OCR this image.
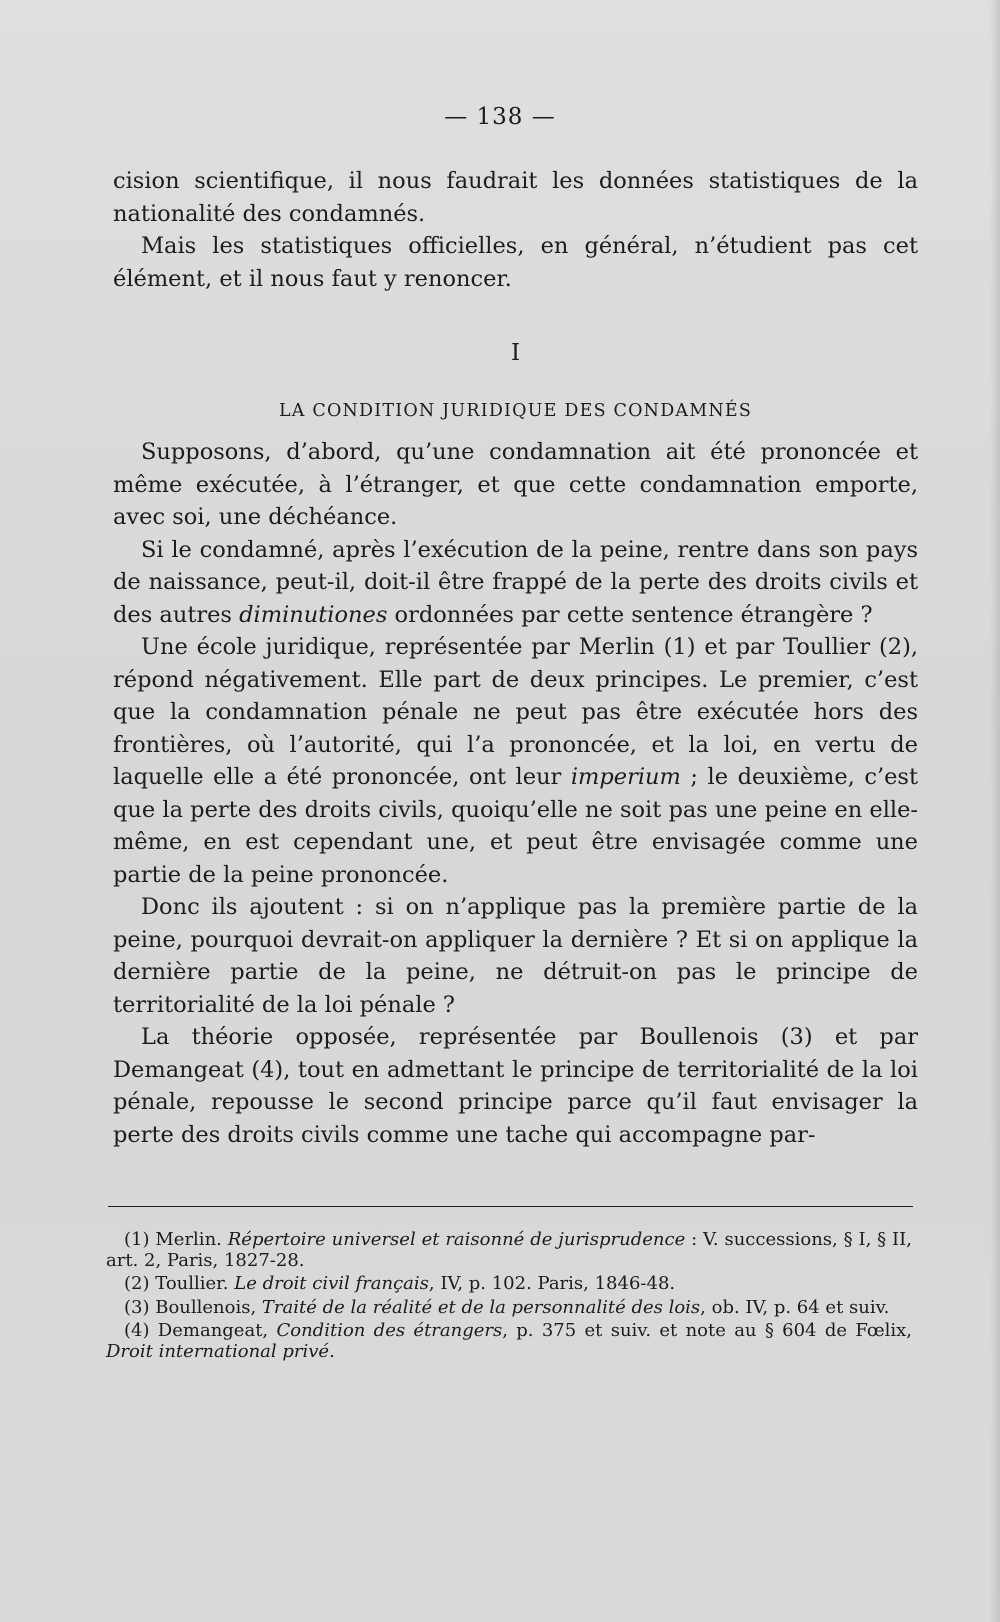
— 138 —

cision scientifique, il nous faudrait les données statistiques de la nationalité des condamnés.

Mais les statistiques officielles, en général, n’étudient pas cet élément, et il nous faut y renoncer.

I
LA CONDITION JURIDIQUE DES CONDAMNÉS

Supposons, d’abord, qu’une condamnation ait été prononcée et même exécutée, à l’étranger, et que cette condamnation emporte, avec soi, une déchéance.

Si le condamné, après l’exécution de la peine, rentre dans son pays de naissance, peut-il, doit-il être frappé de la perte des droits civils et des autres diminutiones ordonnées par cette sentence étrangère ?

Une école juridique, représentée par Merlin (1) et par Toullier (2), répond négativement. Elle part de deux principes. Le premier, c’est que la condamnation pénale ne peut pas être exécutée hors des frontières, où l’autorité, qui l’a prononcée, et la loi, en vertu de laquelle elle a été prononcée, ont leur imperium ; le deuxième, c’est que la perte des droits civils, quoiqu’elle ne soit pas une peine en elle-même, en est cependant une, et peut être envisagée comme une partie de la peine prononcée.

Donc ils ajoutent : si on n’applique pas la première partie de la peine, pourquoi devrait-on appliquer la dernière ? Et si on applique la dernière partie de la peine, ne détruit-on pas le principe de territorialité de la loi pénale ?

La théorie opposée, représentée par Boullenois (3) et par Demangeat (4), tout en admettant le principe de territorialité de la loi pénale, repousse le second principe parce qu’il faut envisager la perte des droits civils comme une tache qui accompagne par-

(1) Merlin. Répertoire universel et raisonné de jurisprudence : V. successions, § I, § II, art. 2, Paris, 1827-28.

(2) Toullier. Le droit civil français, IV, p. 102. Paris, 1846-48.

(3) Boullenois, Traité de la réalité et de la personnalité des lois, ob. IV, p. 64 et suiv.

(4) Demangeat, Condition des étrangers, p. 375 et suiv. et note au § 604 de Fœlix, Droit international privé.
